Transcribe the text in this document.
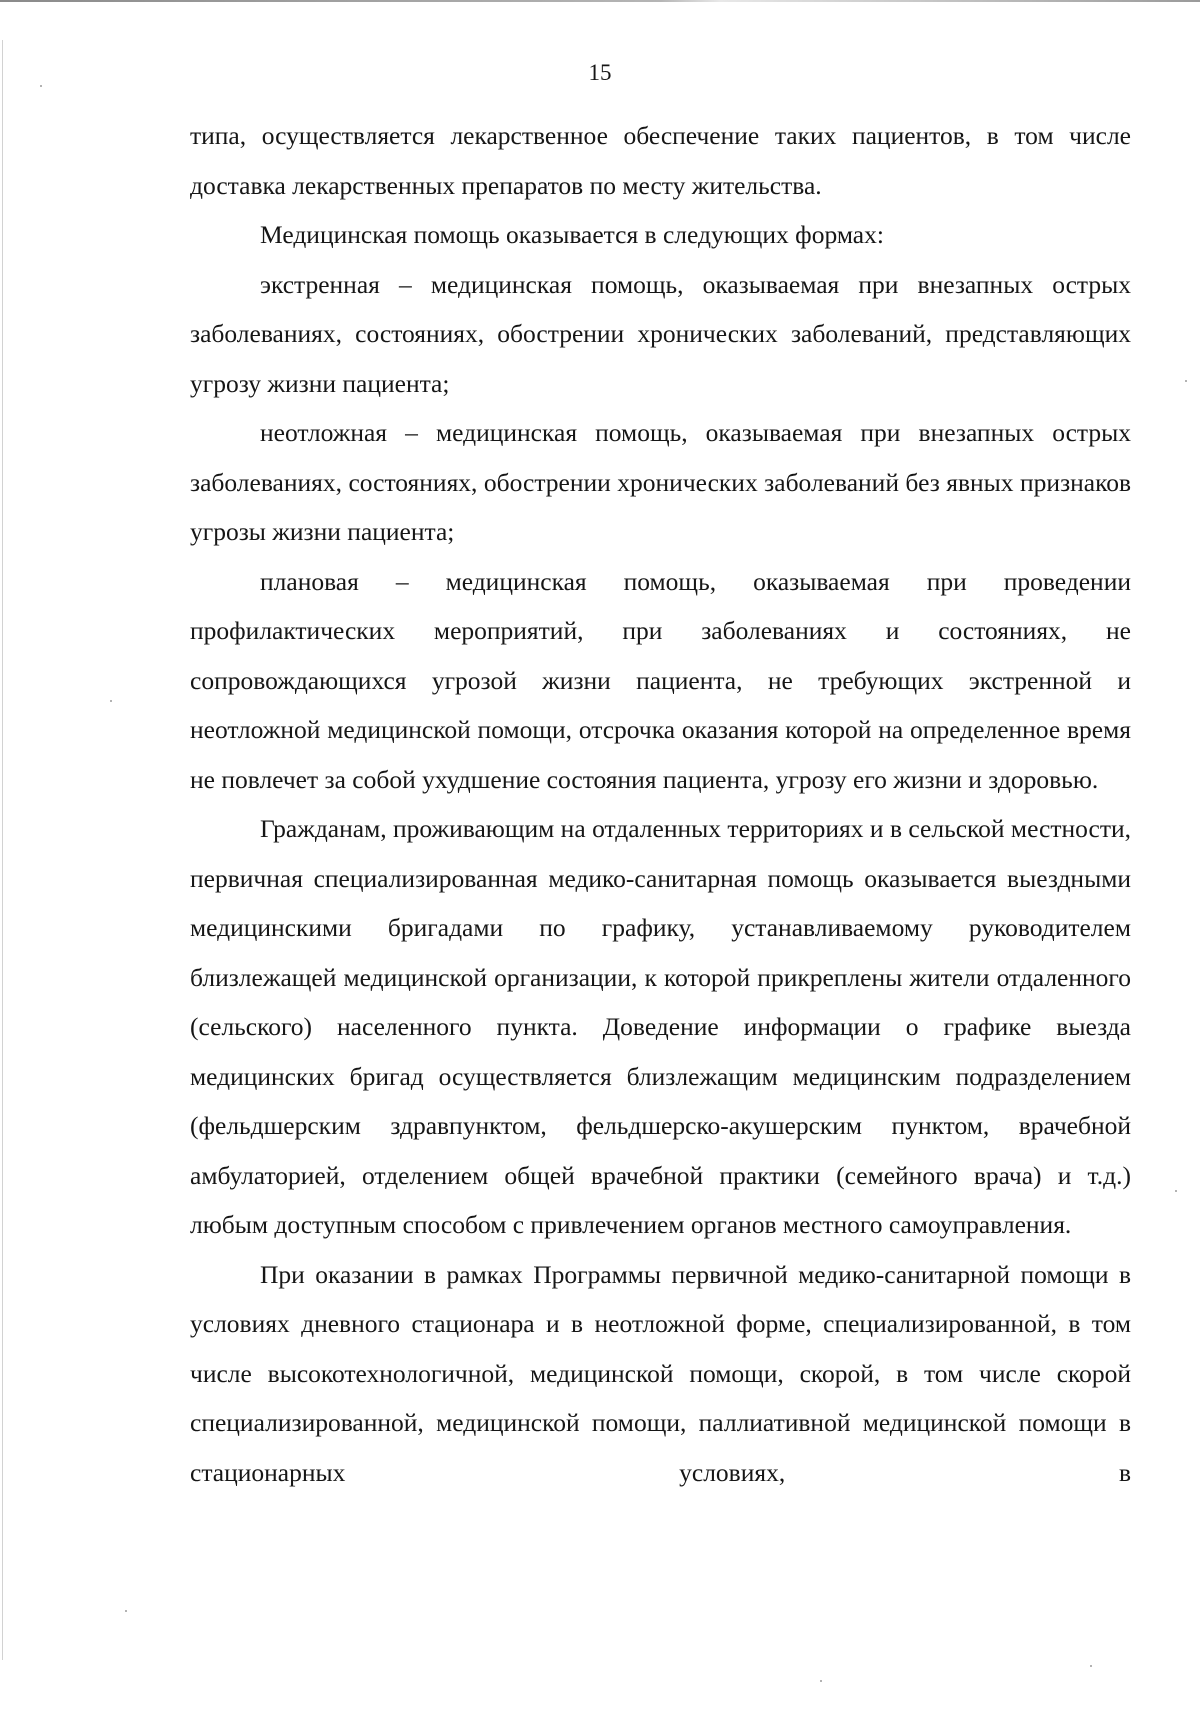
15

типа, осуществляется лекарственное обеспечение таких пациентов, в том числе доставка лекарственных препаратов по месту жительства.

Медицинская помощь оказывается в следующих формах:

экстренная – медицинская помощь, оказываемая при внезапных острых заболеваниях, состояниях, обострении хронических заболеваний, представляющих угрозу жизни пациента;

неотложная – медицинская помощь, оказываемая при внезапных острых заболеваниях, состояниях, обострении хронических заболеваний без явных признаков угрозы жизни пациента;

плановая – медицинская помощь, оказываемая при проведении профилактических мероприятий, при заболеваниях и состояниях, не сопровождающихся угрозой жизни пациента, не требующих экстренной и неотложной медицинской помощи, отсрочка оказания которой на определенное время не повлечет за собой ухудшение состояния пациента, угрозу его жизни и здоровью.

Гражданам, проживающим на отдаленных территориях и в сельской местности, первичная специализированная медико-санитарная помощь оказывается выездными медицинскими бригадами по графику, устанавливаемому руководителем близлежащей медицинской организации, к которой прикреплены жители отдаленного (сельского) населенного пункта. Доведение информации о графике выезда медицинских бригад осуществляется близлежащим медицинским подразделением (фельдшерским здравпунктом, фельдшерско-акушерским пунктом, врачебной амбулаторией, отделением общей врачебной практики (семейного врача) и т.д.) любым доступным способом с привлечением органов местного самоуправления.

При оказании в рамках Программы первичной медико-санитарной помощи в условиях дневного стационара и в неотложной форме, специализированной, в том числе высокотехнологичной, медицинской помощи, скорой, в том числе скорой специализированной, медицинской помощи, паллиативной медицинской помощи в стационарных условиях, в
